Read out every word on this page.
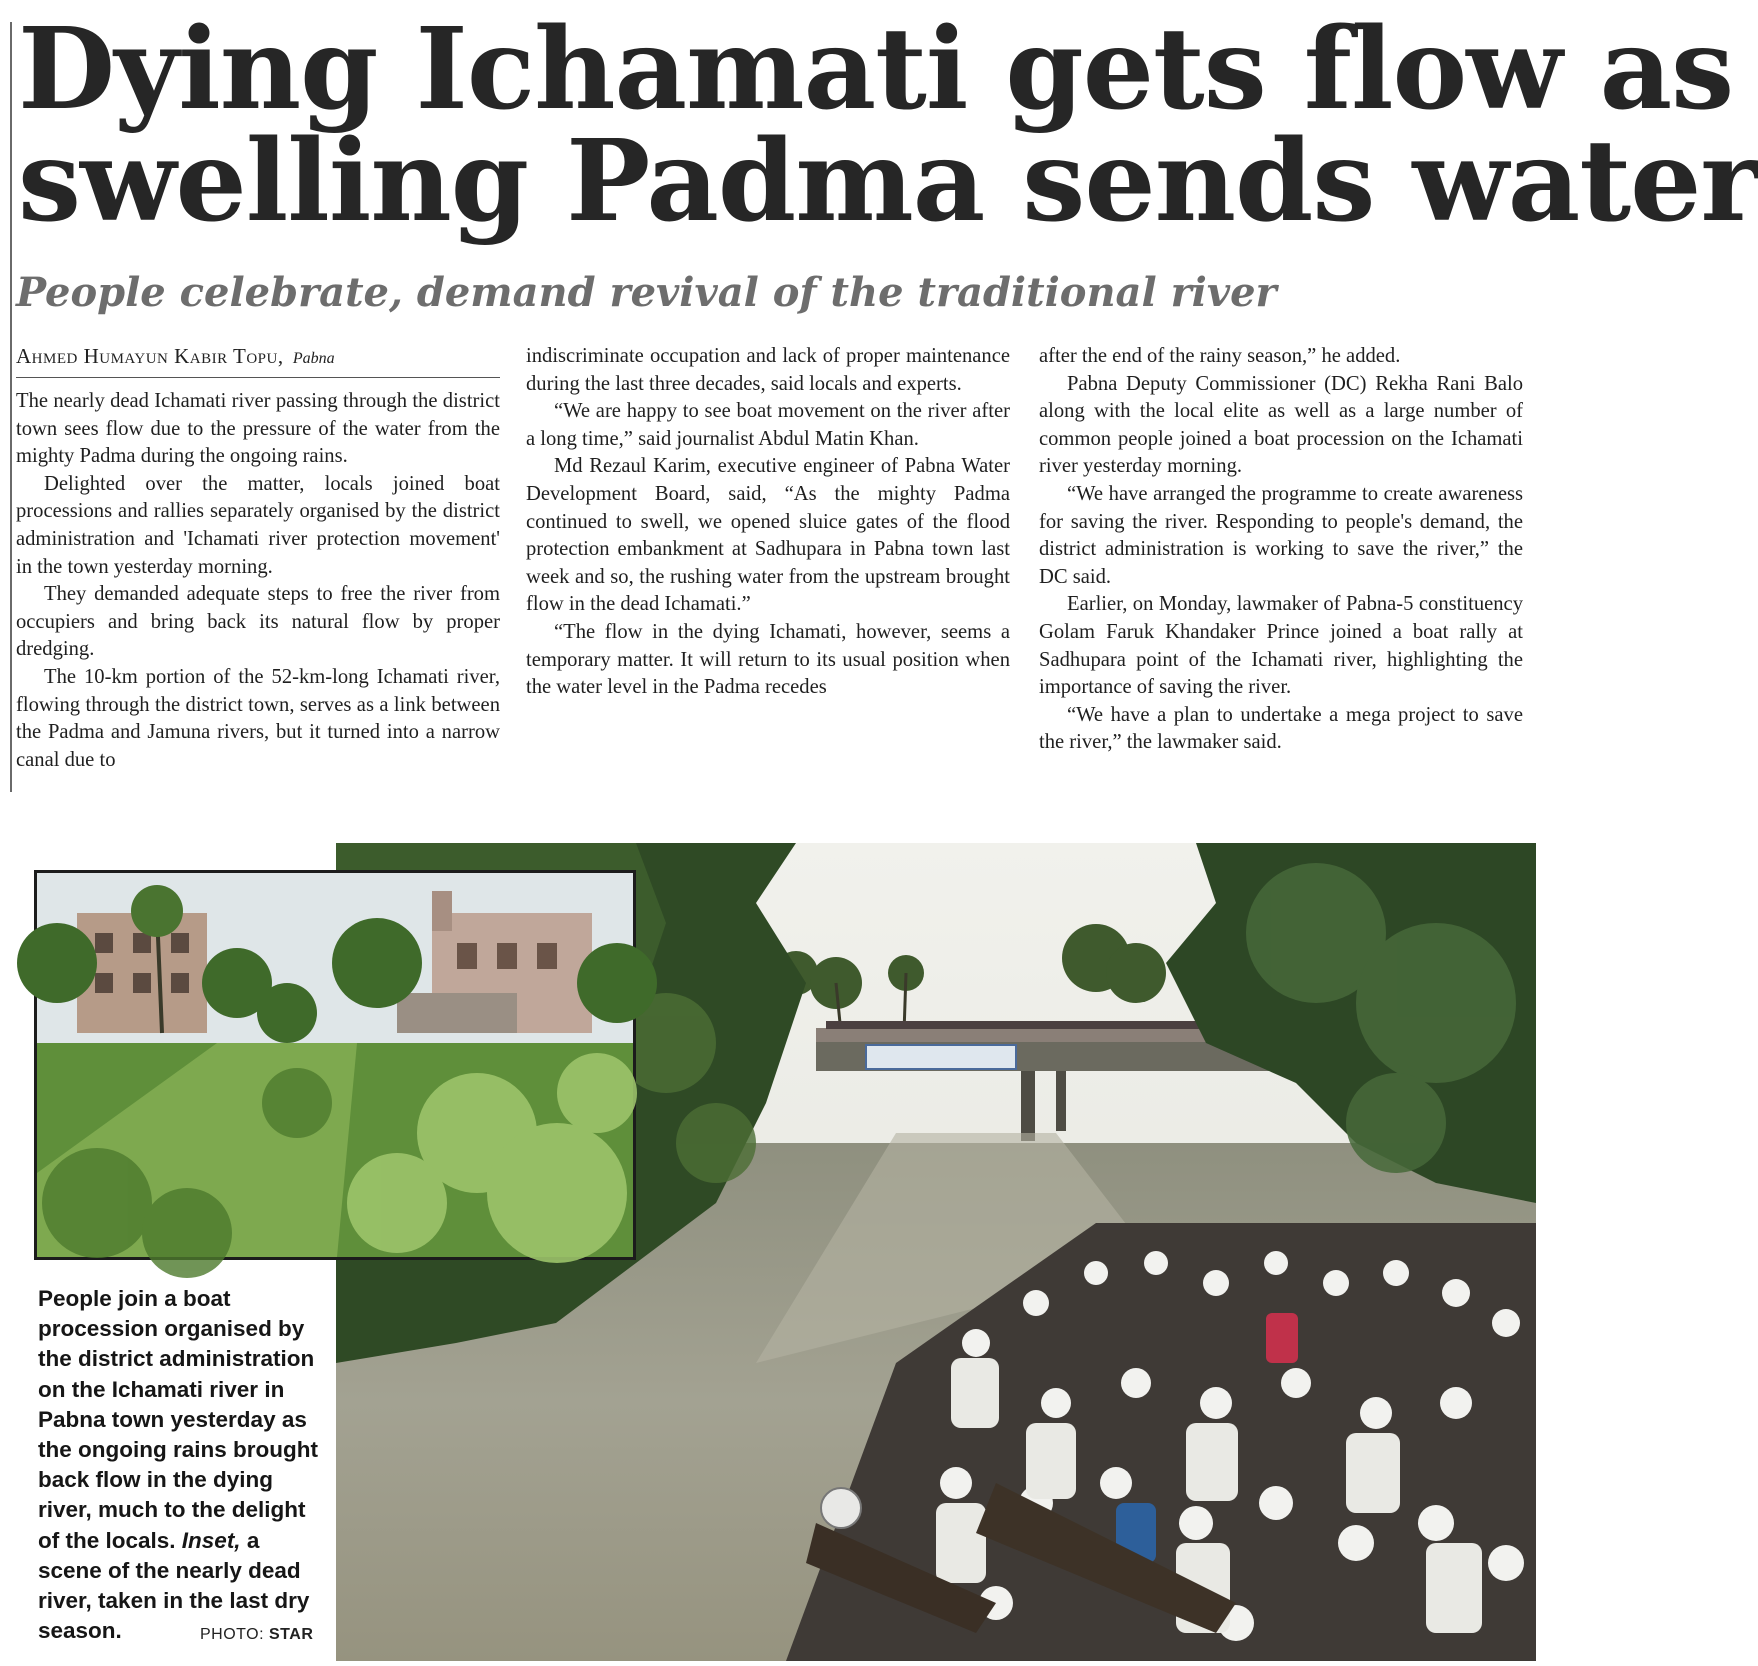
Dying Ichamati gets flow as
swelling Padma sends water
People celebrate, demand revival of the traditional river
Ahmed Humayun Kabir Topu, Pabna

The nearly dead Ichamati river passing through the district town sees flow due to the pressure of the water from the mighty Padma during the ongoing rains.

Delighted over the matter, locals joined boat processions and rallies separately organised by the district administration and 'Ichamati river protection movement' in the town yesterday morning.

They demanded adequate steps to free the river from occupiers and bring back its natural flow by proper dredging.

The 10-km portion of the 52-km-long Ichamati river, flowing through the district town, serves as a link between the Padma and Jamuna rivers, but it turned into a narrow canal due to

indiscriminate occupation and lack of proper maintenance during the last three decades, said locals and experts.

“We are happy to see boat movement on the river after a long time,” said journalist Abdul Matin Khan.

Md Rezaul Karim, executive engineer of Pabna Water Development Board, said, “As the mighty Padma continued to swell, we opened sluice gates of the flood protection embankment at Sadhupara in Pabna town last week and so, the rushing water from the upstream brought flow in the dead Ichamati.”

“The flow in the dying Ichamati, however, seems a temporary matter. It will return to its usual position when the water level in the Padma recedes

after the end of the rainy season,” he added.

Pabna Deputy Commissioner (DC) Rekha Rani Balo along with the local elite as well as a large number of common people joined a boat procession on the Ichamati river yesterday morning.

“We have arranged the programme to create awareness for saving the river. Responding to people's demand, the district administration is working to save the river,” the DC said.

Earlier, on Monday, lawmaker of Pabna-5 constituency Golam Faruk Khandaker Prince joined a boat rally at Sadhupara point of the Ichamati river, highlighting the importance of saving the river.

“We have a plan to undertake a mega project to save the river,” the lawmaker said.

People join a boat procession organised by the district administration on the Ichamati river in Pabna town yesterday as the ongoing rains brought back flow in the dying river, much to the delight of the locals. Inset, a scene of the nearly dead river, taken in the last dry season.	PHOTO: STAR
